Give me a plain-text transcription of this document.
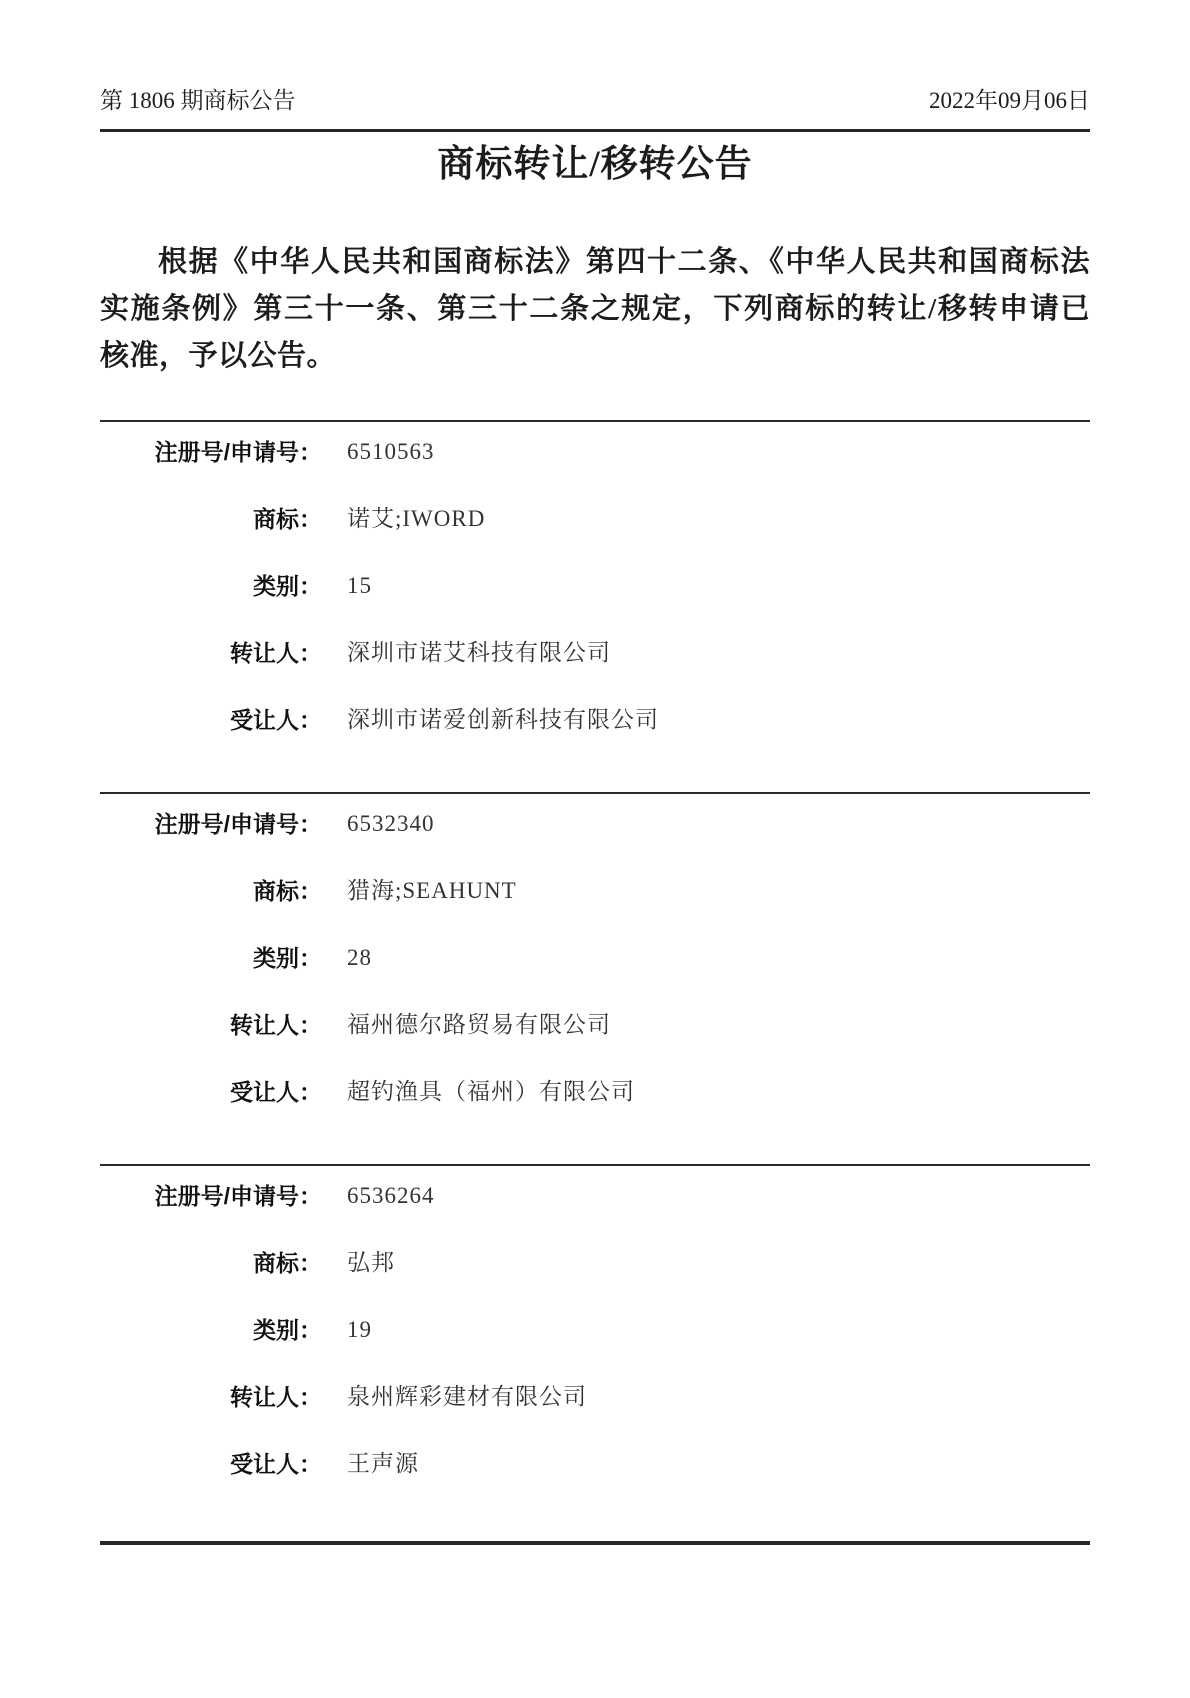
第 1806 期商标公告	2022年09月06日
商标转让/移转公告
根据《中华人民共和国商标法》第四十二条、《中华人民共和国商标法
实施条例》第三十一条、第三十二条之规定，下列商标的转让/移转申请已
核准，予以公告。
注册号/申请号： 6510563
商标： 诺艾;IWORD
类别： 15
转让人： 深圳市诺艾科技有限公司
受让人： 深圳市诺爱创新科技有限公司
注册号/申请号： 6532340
商标： 猎海;SEAHUNT
类别： 28
转让人： 福州德尔路贸易有限公司
受让人： 超钓渔具（福州）有限公司
注册号/申请号： 6536264
商标： 弘邦
类别： 19
转让人： 泉州辉彩建材有限公司
受让人： 王声源
